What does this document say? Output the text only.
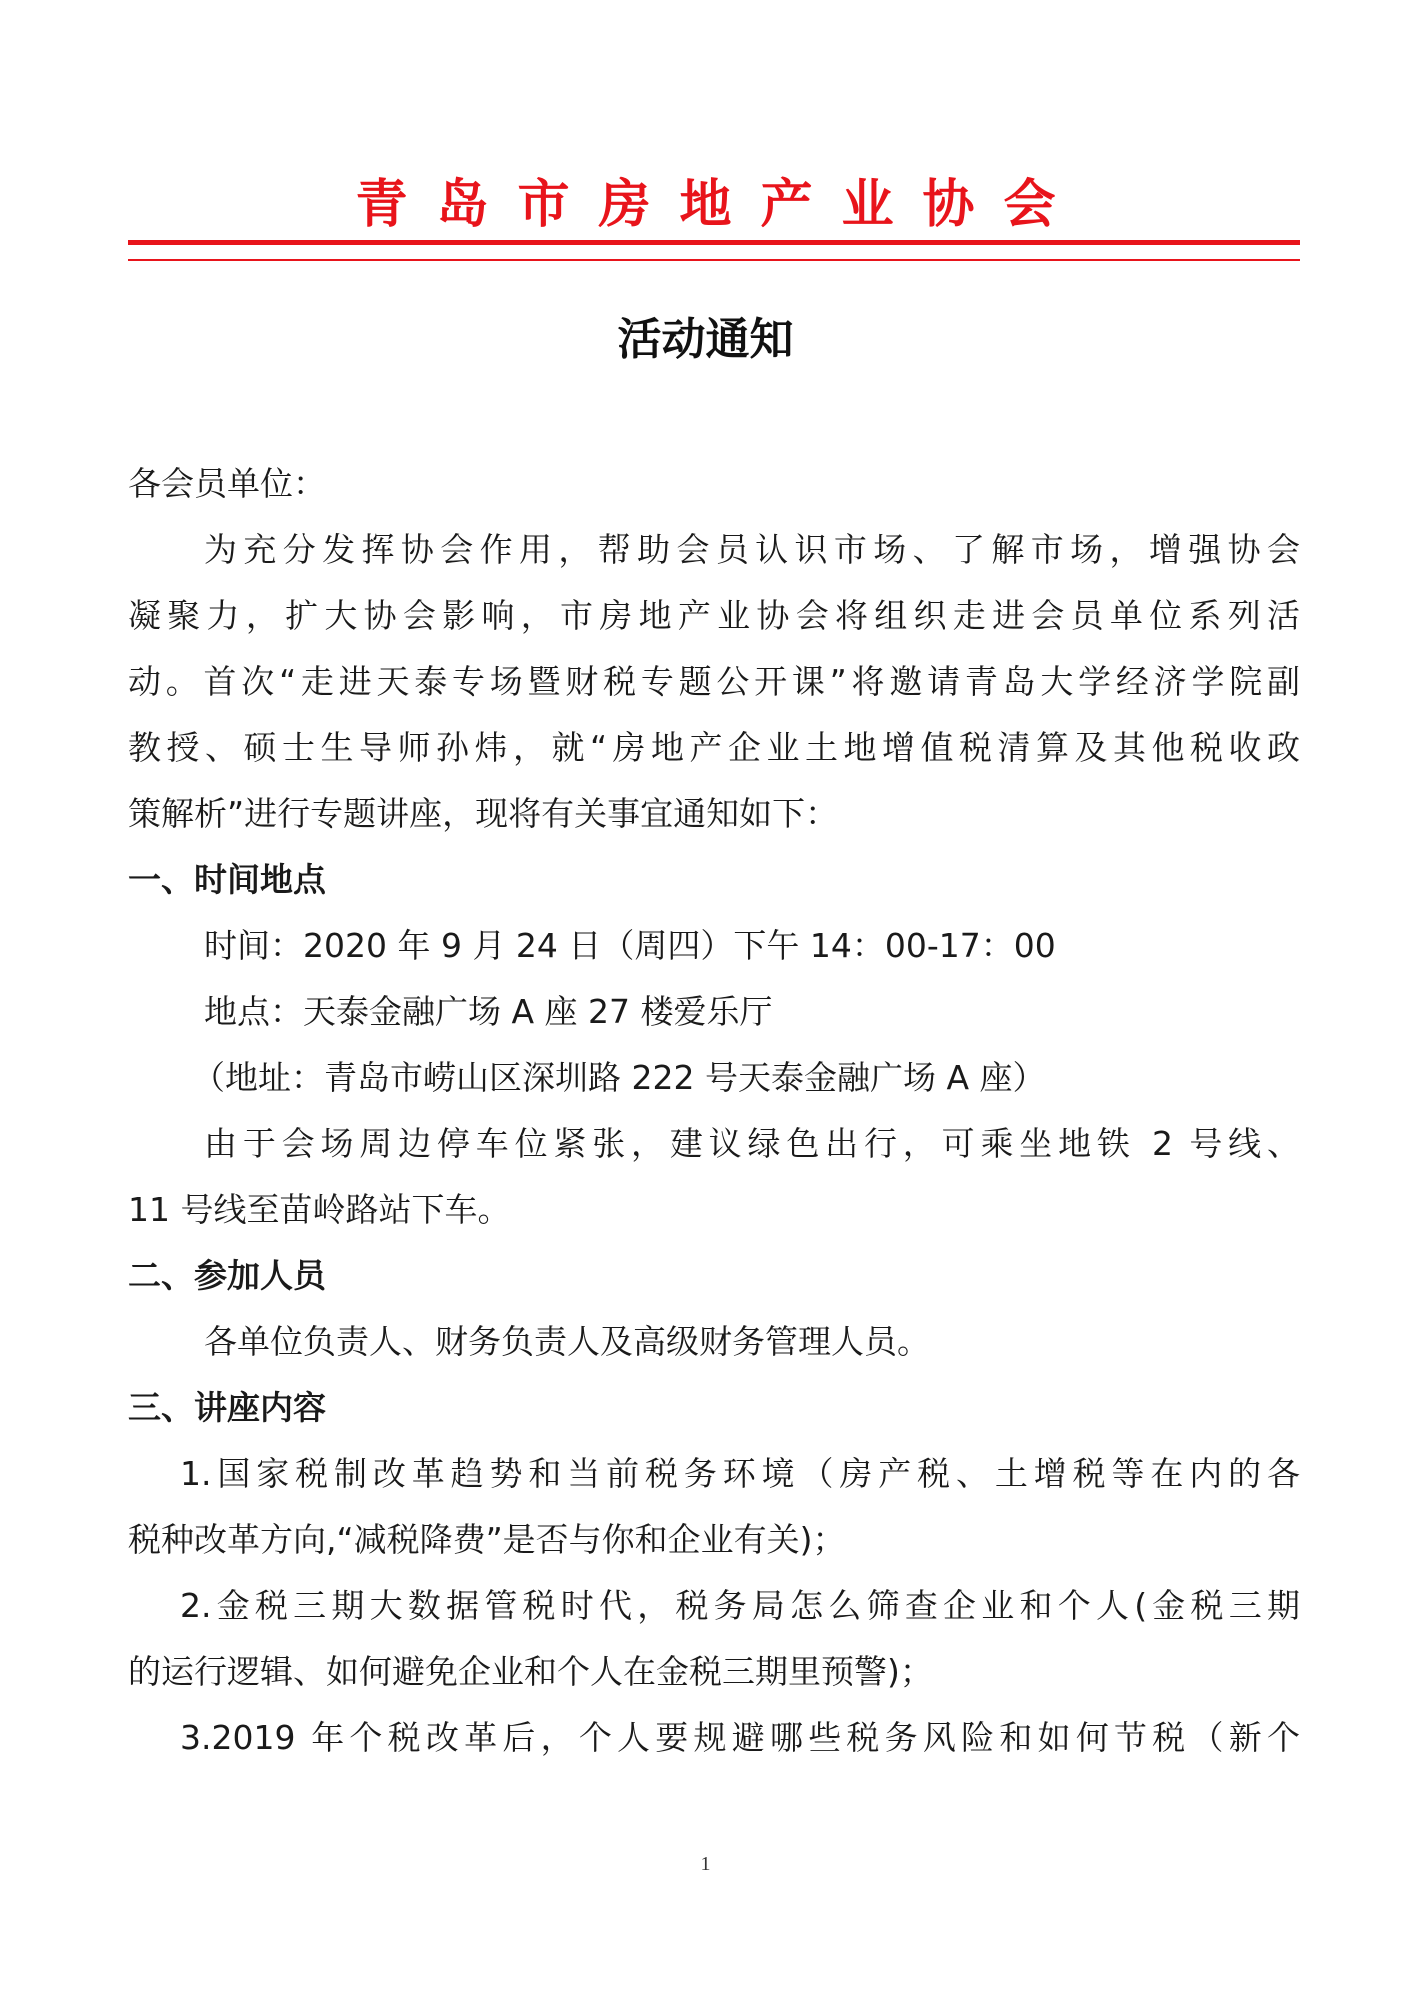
青岛市房地产业协会
活动通知

各会员单位：

为充分发挥协会作用，帮助会员认识市场、了解市场，增强协会

凝聚力，扩大协会影响，市房地产业协会将组织走进会员单位系列活

动。首次“走进天泰专场暨财税专题公开课”将邀请青岛大学经济学院副

教授、硕士生导师孙炜，就“房地产企业土地增值税清算及其他税收政

策解析”进行专题讲座，现将有关事宜通知如下：

一、时间地点

时间：2020 年 9 月 24 日（周四）下午 14：00-17：00

地点：天泰金融广场 A 座 27 楼爱乐厅

（地址：青岛市崂山区深圳路 222 号天泰金融广场 A 座）

由于会场周边停车位紧张，建议绿色出行，可乘坐地铁 2 号线、

11 号线至苗岭路站下车。

二、参加人员

各单位负责人、财务负责人及高级财务管理人员。

三、讲座内容

1.国家税制改革趋势和当前税务环境（房产税、土增税等在内的各

税种改革方向,“减税降费”是否与你和企业有关)；

2.金税三期大数据管税时代，税务局怎么筛查企业和个人(金税三期

的运行逻辑、如何避免企业和个人在金税三期里预警)；

3.2019 年个税改革后，个人要规避哪些税务风险和如何节税（新个

1
